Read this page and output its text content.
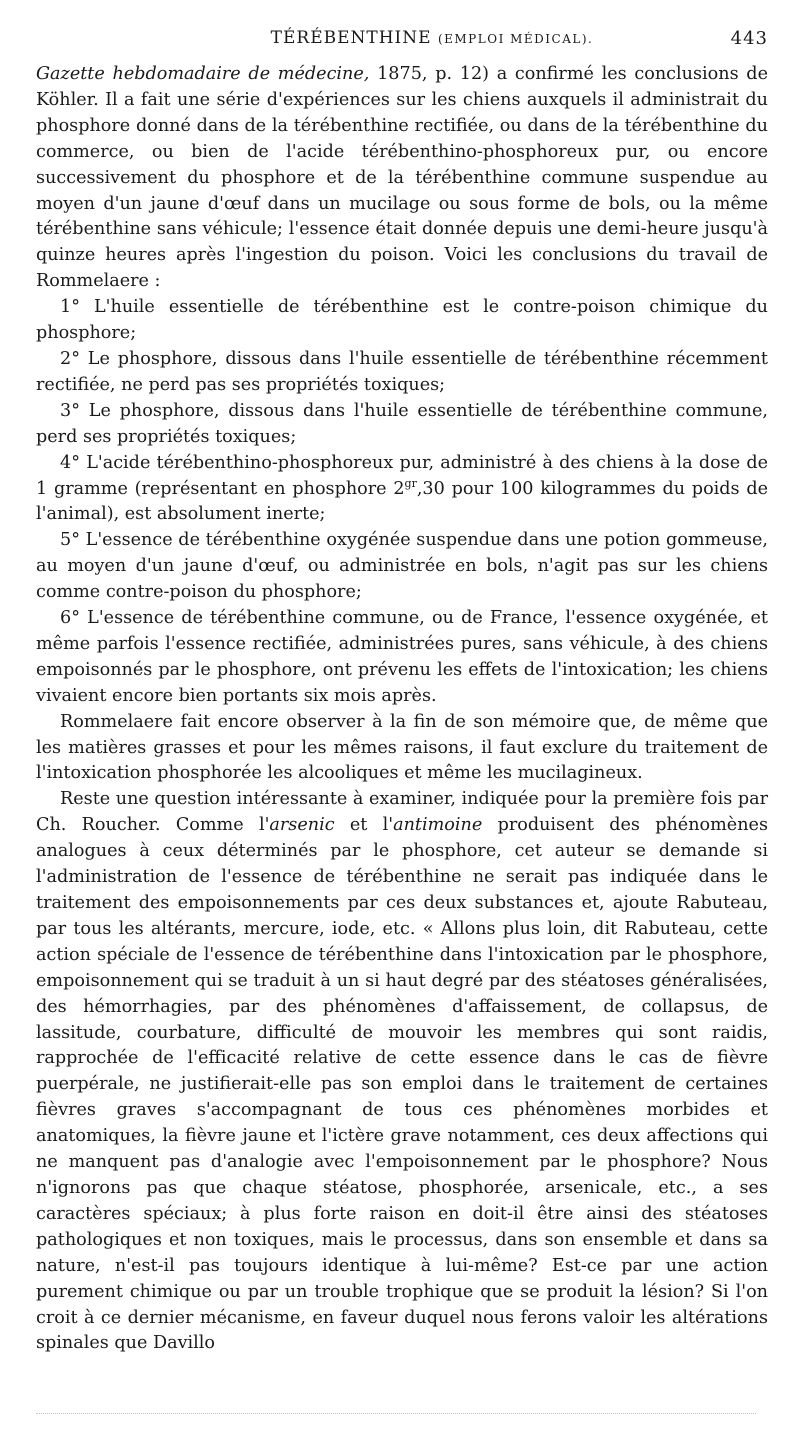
TÉRÉBENTHINE (EMPLOI MÉDICAL).	443

Gazette hebdomadaire de médecine, 1875, p. 12) a confirmé les conclusions de Köhler. Il a fait une série d'expériences sur les chiens auxquels il administrait du phosphore donné dans de la térébenthine rectifiée, ou dans de la térébenthine du commerce, ou bien de l'acide térébenthino-phosphoreux pur, ou encore successivement du phosphore et de la térébenthine commune suspendue au moyen d'un jaune d'œuf dans un mucilage ou sous forme de bols, ou la même térébenthine sans véhicule; l'essence était donnée depuis une demi-heure jusqu'à quinze heures après l'ingestion du poison. Voici les conclusions du travail de Rommelaere :

1° L'huile essentielle de térébenthine est le contre-poison chimique du phosphore;

2° Le phosphore, dissous dans l'huile essentielle de térébenthine récemment rectifiée, ne perd pas ses propriétés toxiques;

3° Le phosphore, dissous dans l'huile essentielle de térébenthine commune, perd ses propriétés toxiques;

4° L'acide térébenthino-phosphoreux pur, administré à des chiens à la dose de 1 gramme (représentant en phosphore $2^{gr},30$ pour 100 kilogrammes du poids de l'animal), est absolument inerte;

5° L'essence de térébenthine oxygénée suspendue dans une potion gommeuse, au moyen d'un jaune d'œuf, ou administrée en bols, n'agit pas sur les chiens comme contre-poison du phosphore;

6° L'essence de térébenthine commune, ou de France, l'essence oxygénée, et même parfois l'essence rectifiée, administrées pures, sans véhicule, à des chiens empoisonnés par le phosphore, ont prévenu les effets de l'intoxication; les chiens vivaient encore bien portants six mois après.

Rommelaere fait encore observer à la fin de son mémoire que, de même que les matières grasses et pour les mêmes raisons, il faut exclure du traitement de l'intoxication phosphorée les alcooliques et même les mucilagineux.

Reste une question intéressante à examiner, indiquée pour la première fois par Ch. Roucher. Comme l'arsenic et l'antimoine produisent des phénomènes analogues à ceux déterminés par le phosphore, cet auteur se demande si l'administration de l'essence de térébenthine ne serait pas indiquée dans le traitement des empoisonnements par ces deux substances et, ajoute Rabuteau, par tous les altérants, mercure, iode, etc. « Allons plus loin, dit Rabuteau, cette action spéciale de l'essence de térébenthine dans l'intoxication par le phosphore, empoisonnement qui se traduit à un si haut degré par des stéatoses généralisées, des hémorrhagies, par des phénomènes d'affaissement, de collapsus, de lassitude, courbature, difficulté de mouvoir les membres qui sont raidis, rapprochée de l'efficacité relative de cette essence dans le cas de fièvre puerpérale, ne justifierait-elle pas son emploi dans le traitement de certaines fièvres graves s'accompagnant de tous ces phénomènes morbides et anatomiques, la fièvre jaune et l'ictère grave notamment, ces deux affections qui ne manquent pas d'analogie avec l'empoisonnement par le phosphore? Nous n'ignorons pas que chaque stéatose, phosphorée, arsenicale, etc., a ses caractères spéciaux; à plus forte raison en doit-il être ainsi des stéatoses pathologiques et non toxiques, mais le processus, dans son ensemble et dans sa nature, n'est-il pas toujours identique à lui-même? Est-ce par une action purement chimique ou par un trouble trophique que se produit la lésion? Si l'on croit à ce dernier mécanisme, en faveur duquel nous ferons valoir les altérations spinales que Davillo
